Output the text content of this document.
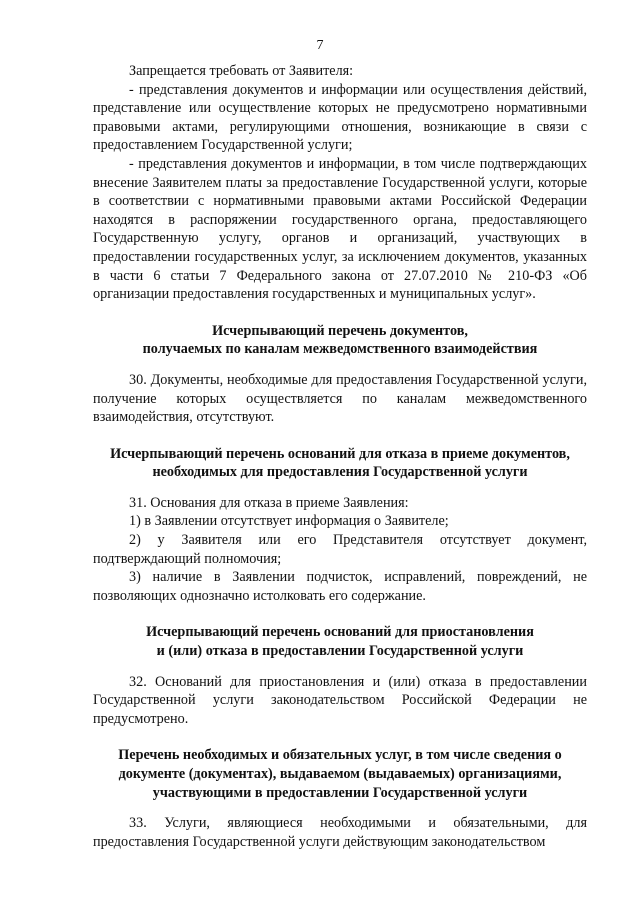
7

Запрещается требовать от Заявителя:

- представления документов и информации или осуществления действий, представление или осуществление которых не предусмотрено нормативными правовыми актами, регулирующими отношения, возникающие в связи с предоставлением Государственной услуги;

- представления документов и информации, в том числе подтверждающих внесение Заявителем платы за предоставление Государственной услуги, которые в соответствии с нормативными правовыми актами Российской Федерации находятся в распоряжении государственного органа, предоставляющего Государственную услугу, органов и организаций, участвующих в предоставлении государственных услуг, за исключением документов, указанных в части 6 статьи 7 Федерального закона от 27.07.2010 № 210-ФЗ «Об организации предоставления государственных и муниципальных услуг».

Исчерпывающий перечень документов,

получаемых по каналам межведомственного взаимодействия

30. Документы, необходимые для предоставления Государственной услуги, получение которых осуществляется по каналам межведомственного взаимодействия, отсутствуют.

Исчерпывающий перечень оснований для отказа в приеме документов,

необходимых для предоставления Государственной услуги

31. Основания для отказа в приеме Заявления:

1) в Заявлении отсутствует информация о Заявителе;

2) у Заявителя или его Представителя отсутствует документ, подтверждающий полномочия;

3) наличие в Заявлении подчисток, исправлений, повреждений, не позволяющих однозначно истолковать его содержание.

Исчерпывающий перечень оснований для приостановления

и (или) отказа в предоставлении Государственной услуги

32. Оснований для приостановления и (или) отказа в предоставлении Государственной услуги законодательством Российской Федерации не предусмотрено.

Перечень необходимых и обязательных услуг, в том числе сведения о

документе (документах), выдаваемом (выдаваемых) организациями,

участвующими в предоставлении Государственной услуги

33. Услуги, являющиеся необходимыми и обязательными, для предоставления Государственной услуги действующим законодательством
